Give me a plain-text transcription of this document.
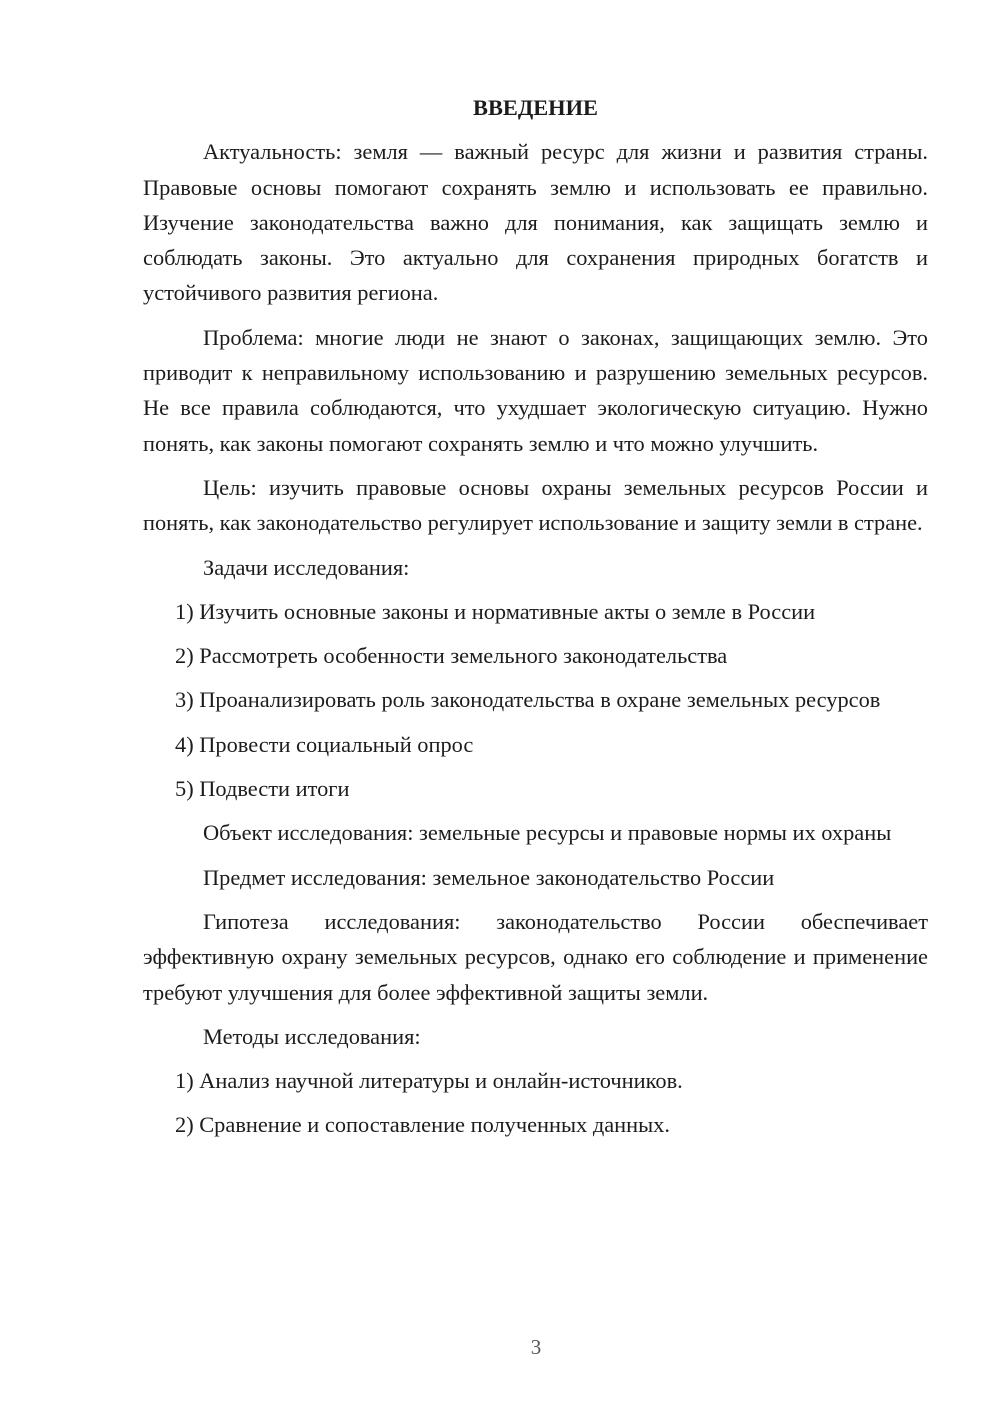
ВВЕДЕНИЕ

Актуальность: земля — важный ресурс для жизни и развития страны. Правовые основы помогают сохранять землю и использовать ее правильно. Изучение законодательства важно для понимания, как защищать землю и соблюдать законы. Это актуально для сохранения природных богатств и устойчивого развития региона.

Проблема: многие люди не знают о законах, защищающих землю. Это приводит к неправильному использованию и разрушению земельных ресурсов. Не все правила соблюдаются, что ухудшает экологическую ситуацию. Нужно понять, как законы помогают сохранять землю и что можно улучшить.

Цель: изучить правовые основы охраны земельных ресурсов России и понять, как законодательство регулирует использование и защиту земли в стране.

Задачи исследования:

1) Изучить основные законы и нормативные акты о земле в России

2) Рассмотреть особенности земельного законодательства

3) Проанализировать роль законодательства в охране земельных ресурсов

4) Провести социальный опрос

5) Подвести итоги

Объект исследования: земельные ресурсы и правовые нормы их охраны

Предмет исследования: земельное законодательство России

Гипотеза исследования: законодательство России обеспечивает эффективную охрану земельных ресурсов, однако его соблюдение и применение требуют улучшения для более эффективной защиты земли.

Методы исследования:

1) Анализ научной литературы и онлайн-источников.

2) Сравнение и сопоставление полученных данных.

3
